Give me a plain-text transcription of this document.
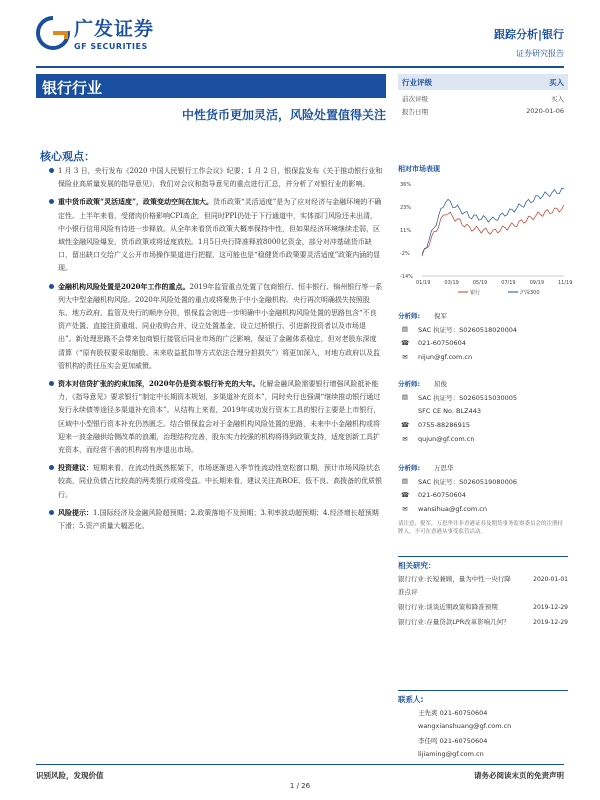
广发证券
GF SECURITIES
跟踪分析|银行
证券研究报告
银行行业
中性货币更加灵活，风险处置值得关注
核心观点：
1 月 3 日，央行发布《2020 中国人民银行工作会议》纪要；1 月 2 日，银保监发布《关于推动银行业和保险业高质量发展的指导意见》，我们对会议和指导意见的重点进行汇总，并分析了对银行业的影响。
重中货币政策“灵活适度”，政策变动空间在加大。货币政策“灵活适度”是为了应对经济与金融环境的不确定性。上半年来看，受猪肉价格影响CPI高企，但同时PPI仍处于下行通道中，实体部门风险还未出清，中小银行信用风险有待进一步释放。从全年来看货币政策大概率保持中性，但如果经济环境继续走弱，区域性金融风险爆发，货币政策或将适度放松。1月5日央行降准释放8000亿资金，部分对冲基础货币缺口，留出缺口交给广义公开市场操作渠道进行把握，这可能也是“稳健货币政策要灵活适度”政策内涵的显现。
金融机构风险处置是2020年工作的重点。2019年监管重点处置了包商银行、恒丰银行、锦州银行等一系列大中型金融机构风险。2020年风险处置的重点或将聚焦于中小金融机构。央行再次明确损失按照股东、地方政府、监管及央行的顺序分担，银保监会则进一步明确中小金融机构风险处置的思路包含“不良资产处置、直接注资重组、同业收购合并、设立处置基金、设立过桥银行、引进新投资者以及市场退出”。新处理思路不会带来包商银行接管后同业市场的广泛影响，保证了金融体系稳定，但对老股东深度清算（“原有股权要采取缩股、未来收益抵扣等方式依法合理分担损失”）将更加深入，对地方政府以及监管机构的责任压实会更加威慑。
资本对信贷扩张的约束加深，2020年仍是资本银行补充的大年。化解金融风险需要银行增强风险抵补能力，《指导意见》要求银行“制定中长期资本规划，多渠道补充资本”，同时央行也强调“继续推动银行通过发行永续债等途径多渠道补充资本”。从结构上来看，2019年成功发行资本工具的银行主要是上市银行，区域中小型银行资本补充仍然匮乏。结合银保监会对于金融机构风险处置的思路，未来中小金融机构或将迎来一波金融供给侧改革的浪潮，治理结构完善，股东实力较强的机构将得到政策支持，适度创新工具扩充资本，而经营不善的机构将有序退出市场。
投资建议：短期来看，在流动性既然框架下，市场逐渐进入季节性流动性宽松窗口期，预计市场风险状态较高，同业负债占比较高的两类银行或将受益。中长期来看，建议关注高ROE、低不良、高拨备的优质银行。
风险提示：1.国际经济及金融风险超预期；2.政策落地不及预期；3.利率波动超预期；4.经济增长超预期下滑；5.资产质量大幅恶化。
行业评级	买入
前次评级	买入
报告日期	2020-01-06
相对市场表现
36%
23%
11%
-2%
-14%
01/19	03/19	05/19	07/19	09/19	11/19
银行	沪深300
分析师:	倪军
▤	SAC 执证号：S0260518020004
☎	021-60750604
✉	nijun@gf.com.cn
分析师:	屈俊
▤	SAC 执证号：S0260515030005
SFC CE No. BLZ443
☎	0755-88286915
✉	qujun@gf.com.cn
分析师:	万思华
▤	SAC 执证号：S0260519080006
☎	021-60750604
✉	wansihua@gf.com.cn
请注意，倪军，万思华并非香港证券及期货事务监察委员会的注册持牌人，不可在香港从事受监管活动。
相关研究：
银行行业:长短兼顾，量为中性一央行降准点评
2020-01-01
银行行业:谈谈近期政策和降准预期	2019-12-29
银行行业:存量贷款LPR改革影响几何？	2019-12-29
联系人:
王先爽 021-60750604
wangxianshuang@gf.com.cn
李佳鸣 021-60750604
lijiaming@gf.com.cn
识别风险，发现价值	请务必阅读末页的免责声明
1 / 26
